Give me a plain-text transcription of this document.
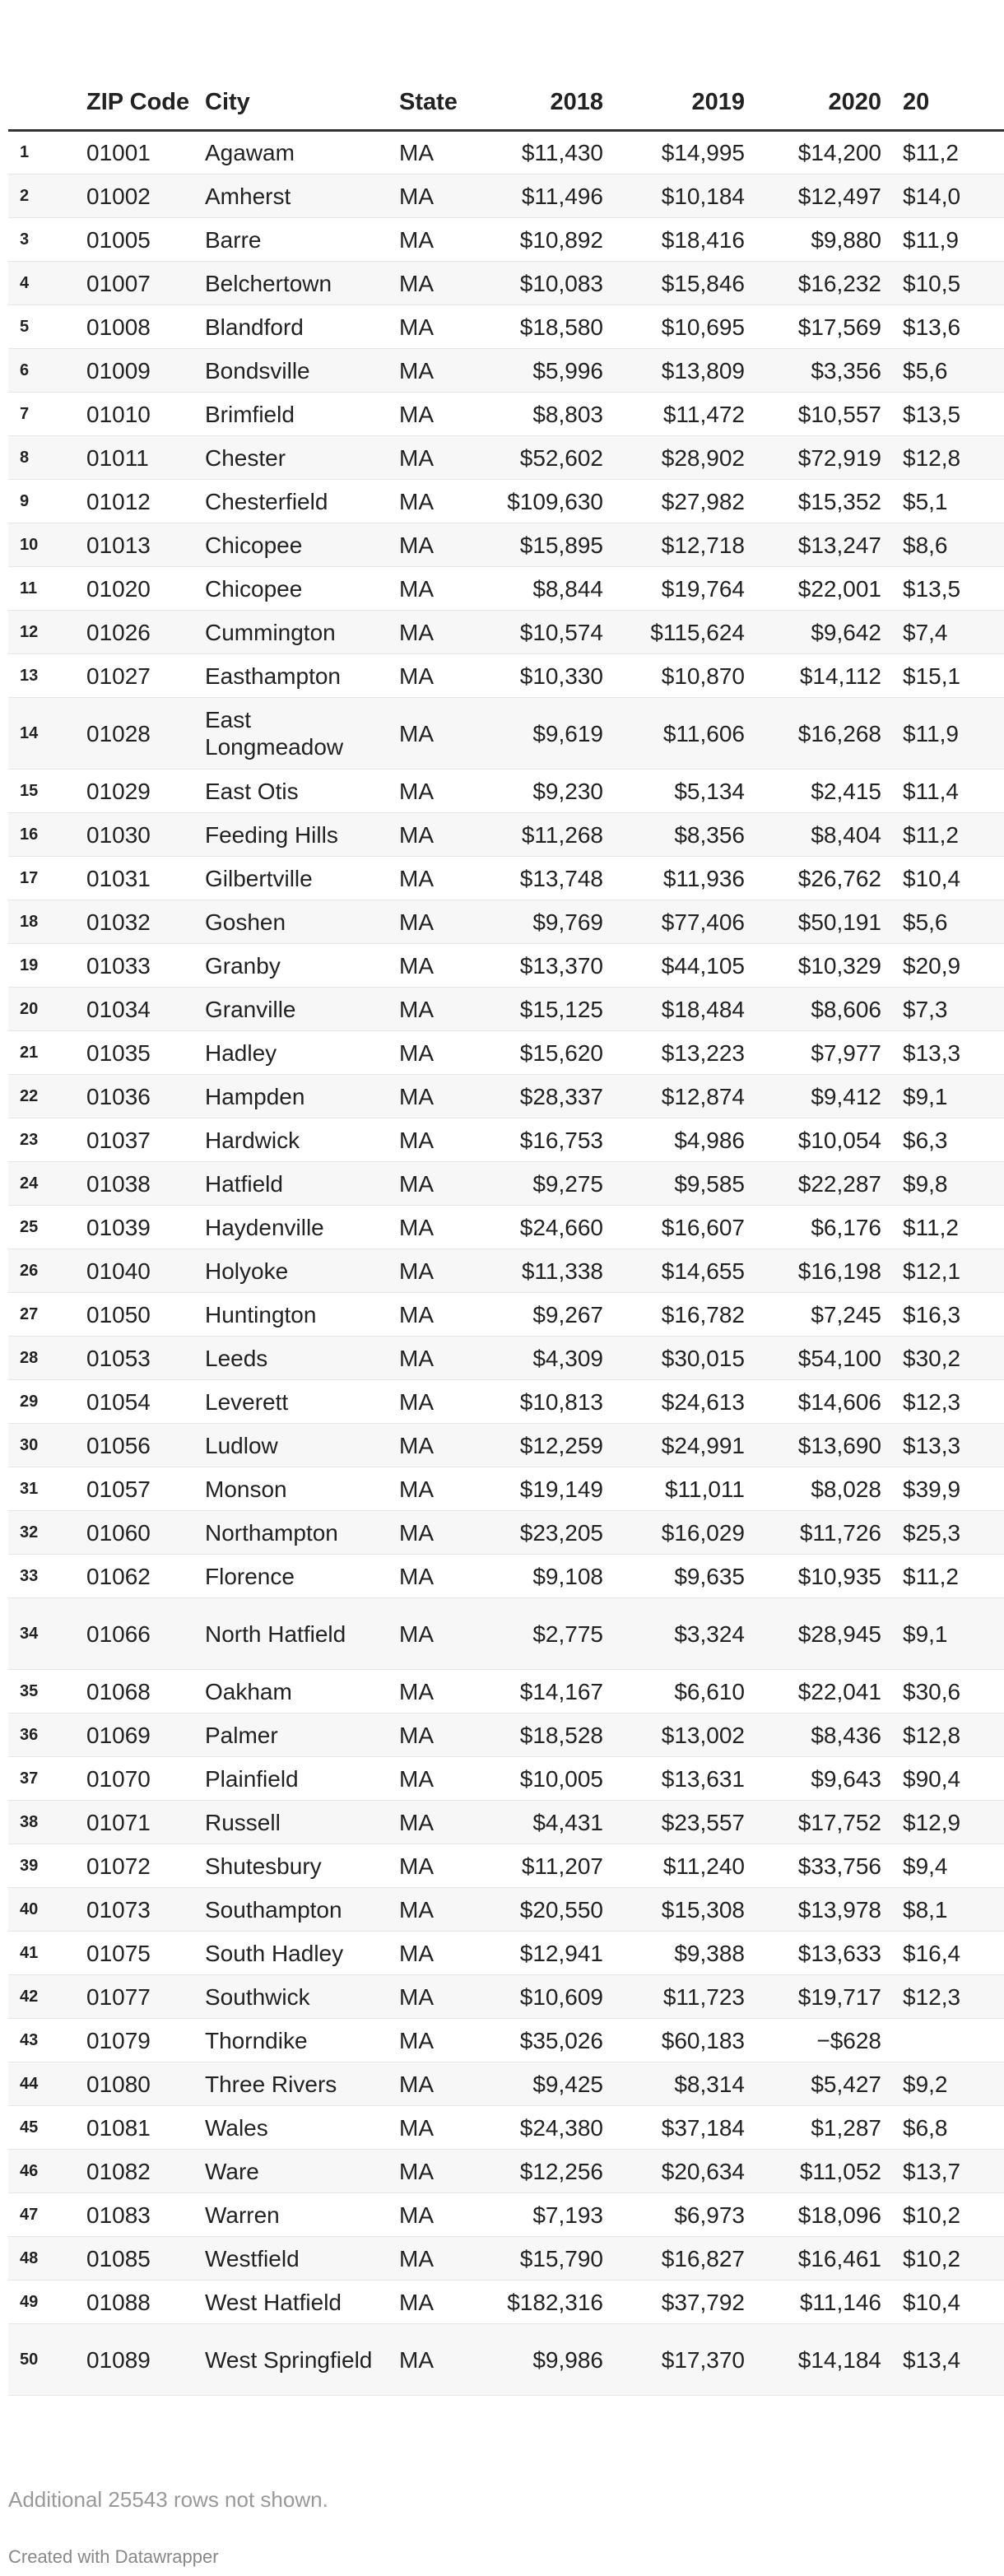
	ZIP Code	City	State	2018	2019	2020	20
1	01001	Agawam	MA	$11,430	$14,995	$14,200	$11,2
2	01002	Amherst	MA	$11,496	$10,184	$12,497	$14,0
3	01005	Barre	MA	$10,892	$18,416	$9,880	$11,9
4	01007	Belchertown	MA	$10,083	$15,846	$16,232	$10,5
5	01008	Blandford	MA	$18,580	$10,695	$17,569	$13,6
6	01009	Bondsville	MA	$5,996	$13,809	$3,356	$5,6
7	01010	Brimfield	MA	$8,803	$11,472	$10,557	$13,5
8	01011	Chester	MA	$52,602	$28,902	$72,919	$12,8
9	01012	Chesterfield	MA	$109,630	$27,982	$15,352	$5,1
10	01013	Chicopee	MA	$15,895	$12,718	$13,247	$8,6
11	01020	Chicopee	MA	$8,844	$19,764	$22,001	$13,5
12	01026	Cummington	MA	$10,574	$115,624	$9,642	$7,4
13	01027	Easthampton	MA	$10,330	$10,870	$14,112	$15,1
14	01028	East Longmeadow	MA	$9,619	$11,606	$16,268	$11,9
15	01029	East Otis	MA	$9,230	$5,134	$2,415	$11,4
16	01030	Feeding Hills	MA	$11,268	$8,356	$8,404	$11,2
17	01031	Gilbertville	MA	$13,748	$11,936	$26,762	$10,4
18	01032	Goshen	MA	$9,769	$77,406	$50,191	$5,6
19	01033	Granby	MA	$13,370	$44,105	$10,329	$20,9
20	01034	Granville	MA	$15,125	$18,484	$8,606	$7,3
21	01035	Hadley	MA	$15,620	$13,223	$7,977	$13,3
22	01036	Hampden	MA	$28,337	$12,874	$9,412	$9,1
23	01037	Hardwick	MA	$16,753	$4,986	$10,054	$6,3
24	01038	Hatfield	MA	$9,275	$9,585	$22,287	$9,8
25	01039	Haydenville	MA	$24,660	$16,607	$6,176	$11,2
26	01040	Holyoke	MA	$11,338	$14,655	$16,198	$12,1
27	01050	Huntington	MA	$9,267	$16,782	$7,245	$16,3
28	01053	Leeds	MA	$4,309	$30,015	$54,100	$30,2
29	01054	Leverett	MA	$10,813	$24,613	$14,606	$12,3
30	01056	Ludlow	MA	$12,259	$24,991	$13,690	$13,3
31	01057	Monson	MA	$19,149	$11,011	$8,028	$39,9
32	01060	Northampton	MA	$23,205	$16,029	$11,726	$25,3
33	01062	Florence	MA	$9,108	$9,635	$10,935	$11,2
34	01066	North Hatfield	MA	$2,775	$3,324	$28,945	$9,1
35	01068	Oakham	MA	$14,167	$6,610	$22,041	$30,6
36	01069	Palmer	MA	$18,528	$13,002	$8,436	$12,8
37	01070	Plainfield	MA	$10,005	$13,631	$9,643	$90,4
38	01071	Russell	MA	$4,431	$23,557	$17,752	$12,9
39	01072	Shutesbury	MA	$11,207	$11,240	$33,756	$9,4
40	01073	Southampton	MA	$20,550	$15,308	$13,978	$8,1
41	01075	South Hadley	MA	$12,941	$9,388	$13,633	$16,4
42	01077	Southwick	MA	$10,609	$11,723	$19,717	$12,3
43	01079	Thorndike	MA	$35,026	$60,183	−$628	
44	01080	Three Rivers	MA	$9,425	$8,314	$5,427	$9,2
45	01081	Wales	MA	$24,380	$37,184	$1,287	$6,8
46	01082	Ware	MA	$12,256	$20,634	$11,052	$13,7
47	01083	Warren	MA	$7,193	$6,973	$18,096	$10,2
48	01085	Westfield	MA	$15,790	$16,827	$16,461	$10,2
49	01088	West Hatfield	MA	$182,316	$37,792	$11,146	$10,4
50	01089	West Springfield	MA	$9,986	$17,370	$14,184	$13,4
Additional 25543 rows not shown.
Created with Datawrapper
